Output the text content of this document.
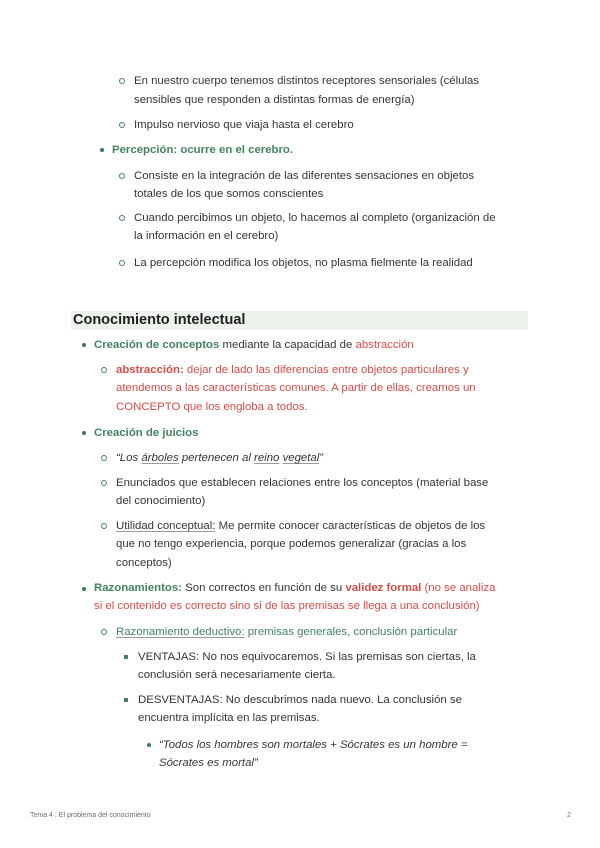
En nuestro cuerpo tenemos distintos receptores sensoriales (células
sensibles que responden a distintas formas de energía)
Impulso nervioso que viaja hasta el cerebro
Percepción: ocurre en el cerebro.
Consiste en la integración de las diferentes sensaciones en objetos
totales de los que somos conscientes
Cuando percibimos un objeto, lo hacemos al completo (organización de
la información en el cerebro)
La percepción modifica los objetos, no plasma fielmente la realidad
Conocimiento intelectual
Creación de conceptos mediante la capacidad de abstracción
abstracción: dejar de lado las diferencias entre objetos particulares y
atendemos a las características comunes. A partir de ellas, creamos un
CONCEPTO que los engloba a todos.
Creación de juicios
“Los árboles pertenecen al reino vegetal”
Enunciados que establecen relaciones entre los conceptos (material base
del conocimiento)
Utilidad conceptual: Me permite conocer características de objetos de los
que no tengo experiencia, porque podemos generalizar (gracias a los
conceptos)
Razonamientos: Son correctos en función de su validez formal (no se analiza
si el contenido es correcto sino si de las premisas se llega a una conclusión)
Razonamiento deductivo: premisas generales, conclusión particular
VENTAJAS: No nos equivocaremos. Si las premisas son ciertas, la
conclusión será necesariamente cierta.
DESVENTAJAS: No descubrimos nada nuevo. La conclusión se
encuentra implícita en las premisas.
“Todos los hombres son mortales + Sócrates es un hombre =
Sócrates es mortal”
Tema 4 : El problema del conocimiento	2
